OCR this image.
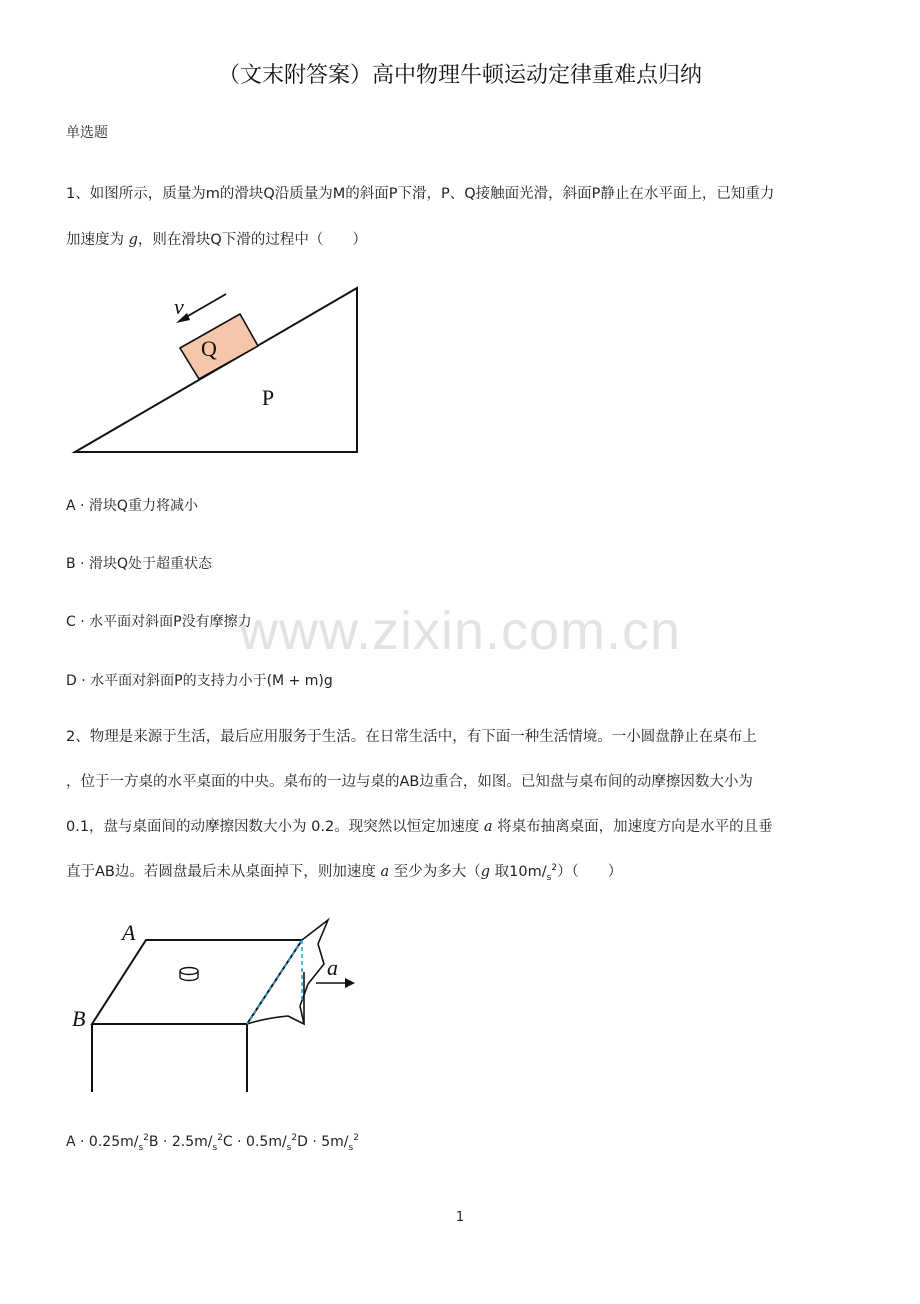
www.zixin.com.cn
（文末附答案）高中物理牛顿运动定律重难点归纳
单选题
1、如图所示，质量为m的滑块Q沿质量为M的斜面P下滑，P、Q接触面光滑，斜面P静止在水平面上，已知重力
加速度为 g，则在滑块Q下滑的过程中（　　）
Q
P
v
A · 滑块Q重力将减小
B · 滑块Q处于超重状态
C · 水平面对斜面P没有摩擦力
D · 水平面对斜面P的支持力小于(M + m)g
2、物理是来源于生活，最后应用服务于生活。在日常生活中，有下面一种生活情境。一小圆盘静止在桌布上
，位于一方桌的水平桌面的中央。桌布的一边与桌的AB边重合，如图。已知盘与桌布间的动摩擦因数大小为
0.1，盘与桌面间的动摩擦因数大小为 0.2。现突然以恒定加速度 a 将桌布抽离桌面，加速度方向是水平的且垂
直于AB边。若圆盘最后未从桌面掉下，则加速度 a 至少为多大（g 取$10m/_s^2$）（　　）
a
A
B
$A \cdot 0.25m/_s^2B \cdot 2.5m/_s^2C \cdot 0.5m/_s^2D \cdot 5m/_s^2$
1
